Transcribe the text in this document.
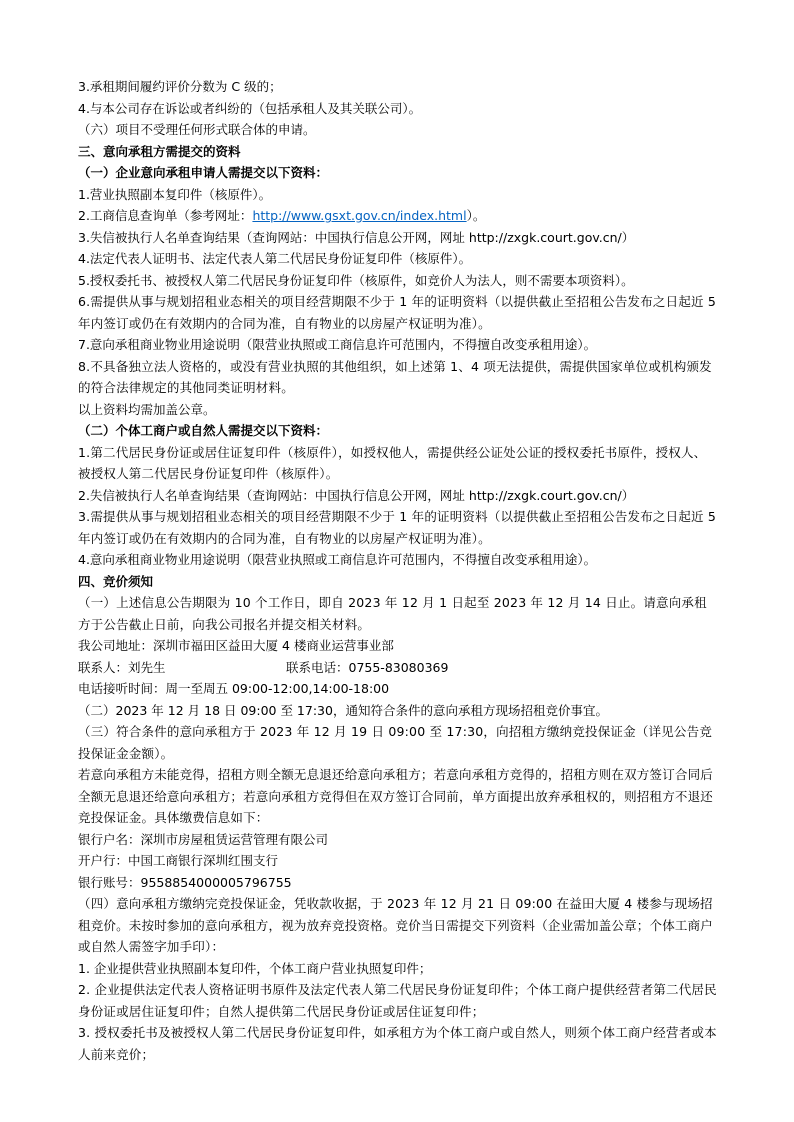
3.承租期间履约评价分数为 C 级的；
4.与本公司存在诉讼或者纠纷的（包括承租人及其关联公司）。
（六）项目不受理任何形式联合体的申请。
三、意向承租方需提交的资料
（一）企业意向承租申请人需提交以下资料：
1.营业执照副本复印件（核原件）。
2.工商信息查询单（参考网址：http://www.gsxt.gov.cn/index.html）。
3.失信被执行人名单查询结果（查询网站：中国执行信息公开网，网址 http://zxgk.court.gov.cn/）
4.法定代表人证明书、法定代表人第二代居民身份证复印件（核原件）。
5.授权委托书、被授权人第二代居民身份证复印件（核原件，如竞价人为法人，则不需要本项资料）。
6.需提供从事与规划招租业态相关的项目经营期限不少于 1 年的证明资料（以提供截止至招租公告发布之日起近 5 年内签订或仍在有效期内的合同为准，自有物业的以房屋产权证明为准）。
7.意向承租商业物业用途说明（限营业执照或工商信息许可范围内，不得擅自改变承租用途）。
8.不具备独立法人资格的，或没有营业执照的其他组织，如上述第 1、4 项无法提供，需提供国家单位或机构颁发的符合法律规定的其他同类证明材料。
以上资料均需加盖公章。
（二）个体工商户或自然人需提交以下资料：
1.第二代居民身份证或居住证复印件（核原件），如授权他人，需提供经公证处公证的授权委托书原件，授权人、被授权人第二代居民身份证复印件（核原件）。
2.失信被执行人名单查询结果（查询网站：中国执行信息公开网，网址 http://zxgk.court.gov.cn/）
3.需提供从事与规划招租业态相关的项目经营期限不少于 1 年的证明资料（以提供截止至招租公告发布之日起近 5 年内签订或仍在有效期内的合同为准，自有物业的以房屋产权证明为准）。
4.意向承租商业物业用途说明（限营业执照或工商信息许可范围内，不得擅自改变承租用途）。
四、竞价须知
（一）上述信息公告期限为 10 个工作日，即自 2023 年 12 月 1 日起至 2023 年 12 月 14 日止。请意向承租方于公告截止日前，向我公司报名并提交相关材料。
我公司地址：深圳市福田区益田大厦 4 楼商业运营事业部
联系人：刘先生	联系电话：0755-83080369
电话接听时间：周一至周五 09:00-12:00,14:00-18:00
（二）2023 年 12 月 18 日 09:00 至 17:30，通知符合条件的意向承租方现场招租竞价事宜。
（三）符合条件的意向承租方于 2023 年 12 月 19 日 09:00 至 17:30，向招租方缴纳竞投保证金（详见公告竞投保证金金额）。
若意向承租方未能竞得，招租方则全额无息退还给意向承租方；若意向承租方竞得的，招租方则在双方签订合同后全额无息退还给意向承租方；若意向承租方竞得但在双方签订合同前，单方面提出放弃承租权的，则招租方不退还竞投保证金。具体缴费信息如下：
银行户名：深圳市房屋租赁运营管理有限公司
开户行：中国工商银行深圳红围支行
银行账号：955885400000579675​5
（四）意向承租方缴纳完竞投保证金，凭收款收据，于 2023 年 12 月 21 日 09:00 在益田大厦 4 楼参与现场招租竞价。未按时参加的意向承租方，视为放弃竞投资格。竞价当日需提交下列资料（企业需加盖公章；个体工商户或自然人需签字加手印）：
1. 企业提供营业执照副本复印件，个体工商户营业执照复印件；
2. 企业提供法定代表人资格证明书原件及法定代表人第二代居民身份证复印件；个体工商户提供经营者第二代居民身份证或居住证复印件；自然人提供第二代居民身份证或居住证复印件；
3. 授权委托书及被授权人第二代居民身份证复印件，如承租方为个体工商户或自然人，则须个体工商户经营者或本人前来竞价；
